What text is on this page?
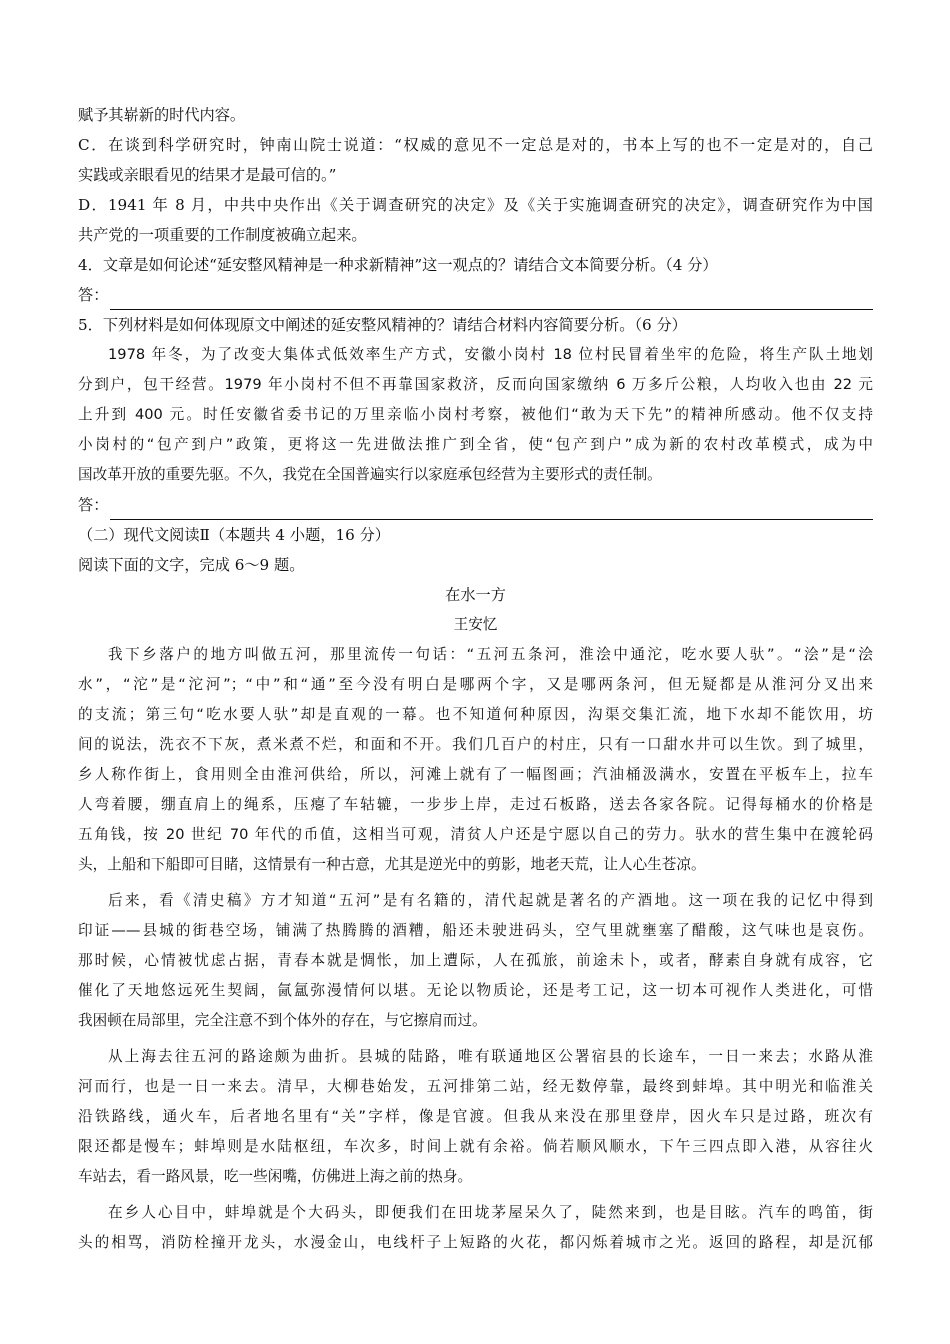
赋予其崭新的时代内容。
C．在谈到科学研究时，钟南山院士说道：“权威的意见不一定总是对的，书本上写的也不一定是对的，自己
实践或亲眼看见的结果才是最可信的。”
D．1941 年 8 月，中共中央作出《关于调查研究的决定》及《关于实施调查研究的决定》，调查研究作为中国
共产党的一项重要的工作制度被确立起来。
4．文章是如何论述“延安整风精神是一种求新精神”这一观点的？请结合文本简要分析。（4 分）
答：
5．下列材料是如何体现原文中阐述的延安整风精神的？请结合材料内容简要分析。（6 分）
1978 年冬，为了改变大集体式低效率生产方式，安徽小岗村 18 位村民冒着坐牢的危险，将生产队土地划
分到户，包干经营。1979 年小岗村不但不再靠国家救济，反而向国家缴纳 6 万多斤公粮，人均收入也由 22 元
上升到 400 元。时任安徽省委书记的万里亲临小岗村考察，被他们“敢为天下先”的精神所感动。他不仅支持
小岗村的“包产到户”政策，更将这一先进做法推广到全省，使“包产到户”成为新的农村改革模式，成为中
国改革开放的重要先驱。不久，我党在全国普遍实行以家庭承包经营为主要形式的责任制。
答：
（二）现代文阅读Ⅱ（本题共 4 小题，16 分）
阅读下面的文字，完成 6～9 题。
在水一方
王安忆
我下乡落户的地方叫做五河，那里流传一句话：“五河五条河，淮浍中通沱，吃水要人驮”。“浍”是“浍
水”，“沱”是“沱河”；“中”和“通”至今没有明白是哪两个字，又是哪两条河，但无疑都是从淮河分叉出来
的支流；第三句“吃水要人驮”却是直观的一幕。也不知道何种原因，沟渠交集汇流，地下水却不能饮用，坊
间的说法，洗衣不下灰，煮米煮不烂，和面和不开。我们几百户的村庄，只有一口甜水井可以生饮。到了城里，
乡人称作街上，食用则全由淮河供给，所以，河滩上就有了一幅图画；汽油桶汲满水，安置在平板车上，拉车
人弯着腰，绷直肩上的绳系，压瘪了车轱辘，一步步上岸，走过石板路，送去各家各院。记得每桶水的价格是
五角钱，按 20 世纪 70 年代的币值，这相当可观，清贫人户还是宁愿以自己的劳力。驮水的营生集中在渡轮码
头，上船和下船即可目睹，这情景有一种古意，尤其是逆光中的剪影，地老天荒，让人心生苍凉。
后来，看《清史稿》方才知道“五河”是有名籍的，清代起就是著名的产酒地。这一项在我的记忆中得到
印证——县城的街巷空场，铺满了热腾腾的酒糟，船还未驶进码头，空气里就壅塞了醋酸，这气味也是哀伤。
那时候，心情被忧虑占据，青春本就是惆怅，加上遭际，人在孤旅，前途未卜，或者，酵素自身就有成容，它
催化了天地悠远死生契阔，氤氲弥漫情何以堪。无论以物质论，还是考工记，这一切本可视作人类进化，可惜
我困顿在局部里，完全注意不到个体外的存在，与它擦肩而过。
从上海去往五河的路途颇为曲折。县城的陆路，唯有联通地区公署宿县的长途车，一日一来去；水路从淮
河而行，也是一日一来去。清早，大柳巷始发，五河排第二站，经无数停靠，最终到蚌埠。其中明光和临淮关
沿铁路线，通火车，后者地名里有“关”字样，像是官渡。但我从来没在那里登岸，因火车只是过路，班次有
限还都是慢车；蚌埠则是水陆枢纽，车次多，时间上就有余裕。倘若顺风顺水，下午三四点即入港，从容往火
车站去，看一路风景，吃一些闲嘴，仿佛进上海之前的热身。
在乡人心目中，蚌埠就是个大码头，即便我们在田垅茅屋呆久了，陡然来到，也是目眩。汽车的鸣笛，街
头的相骂，消防栓撞开龙头，水漫金山，电线杆子上短路的火花，都闪烁着城市之光。返回的路程，却是沉郁
